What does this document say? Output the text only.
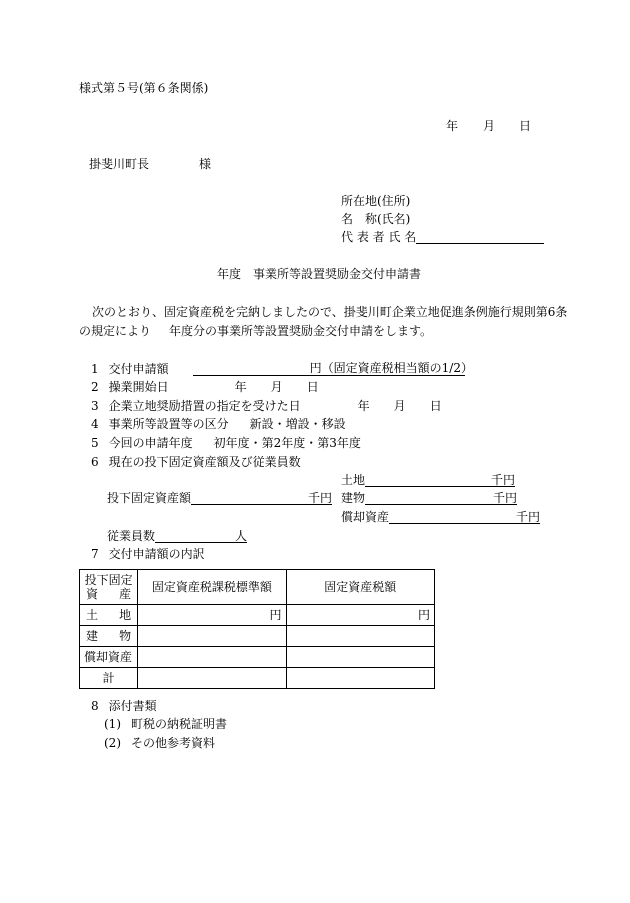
様式第５号(第６条関係)
年 月 日
掛斐川町長	様
所在地(住所)
名　称(氏名)
代 表 者 氏 名
年度 事業所等設置奨励金交付申請書
次のとおり、固定資産税を完納しましたので、掛斐川町企業立地促進条例施行規則第6条
の規定により 年度分の事業所等設置奨励金交付申請をします。
1 交付申請額	円（固定資産税相当額の1/2）
2 操業開始日	年 月 日
3 企業立地奨励措置の指定を受けた日	年 月 日
4 事業所等設置等の区分 新設・増設・移設
5 今回の申請年度 初年度・第2年度・第3年度
6 現在の投下固定資産額及び従業員数
土地	千円
投下固定資産額	千円 建物	千円
償却資産	千円
従業員数	人
7 交付申請額の内訳
投下固定
資 産	固定資産税課税標準額	固定資産税額

土 地	円	円

建 物		

償却資産		
計		
8 添付書類
(1) 町税の納税証明書
(2) その他参考資料
